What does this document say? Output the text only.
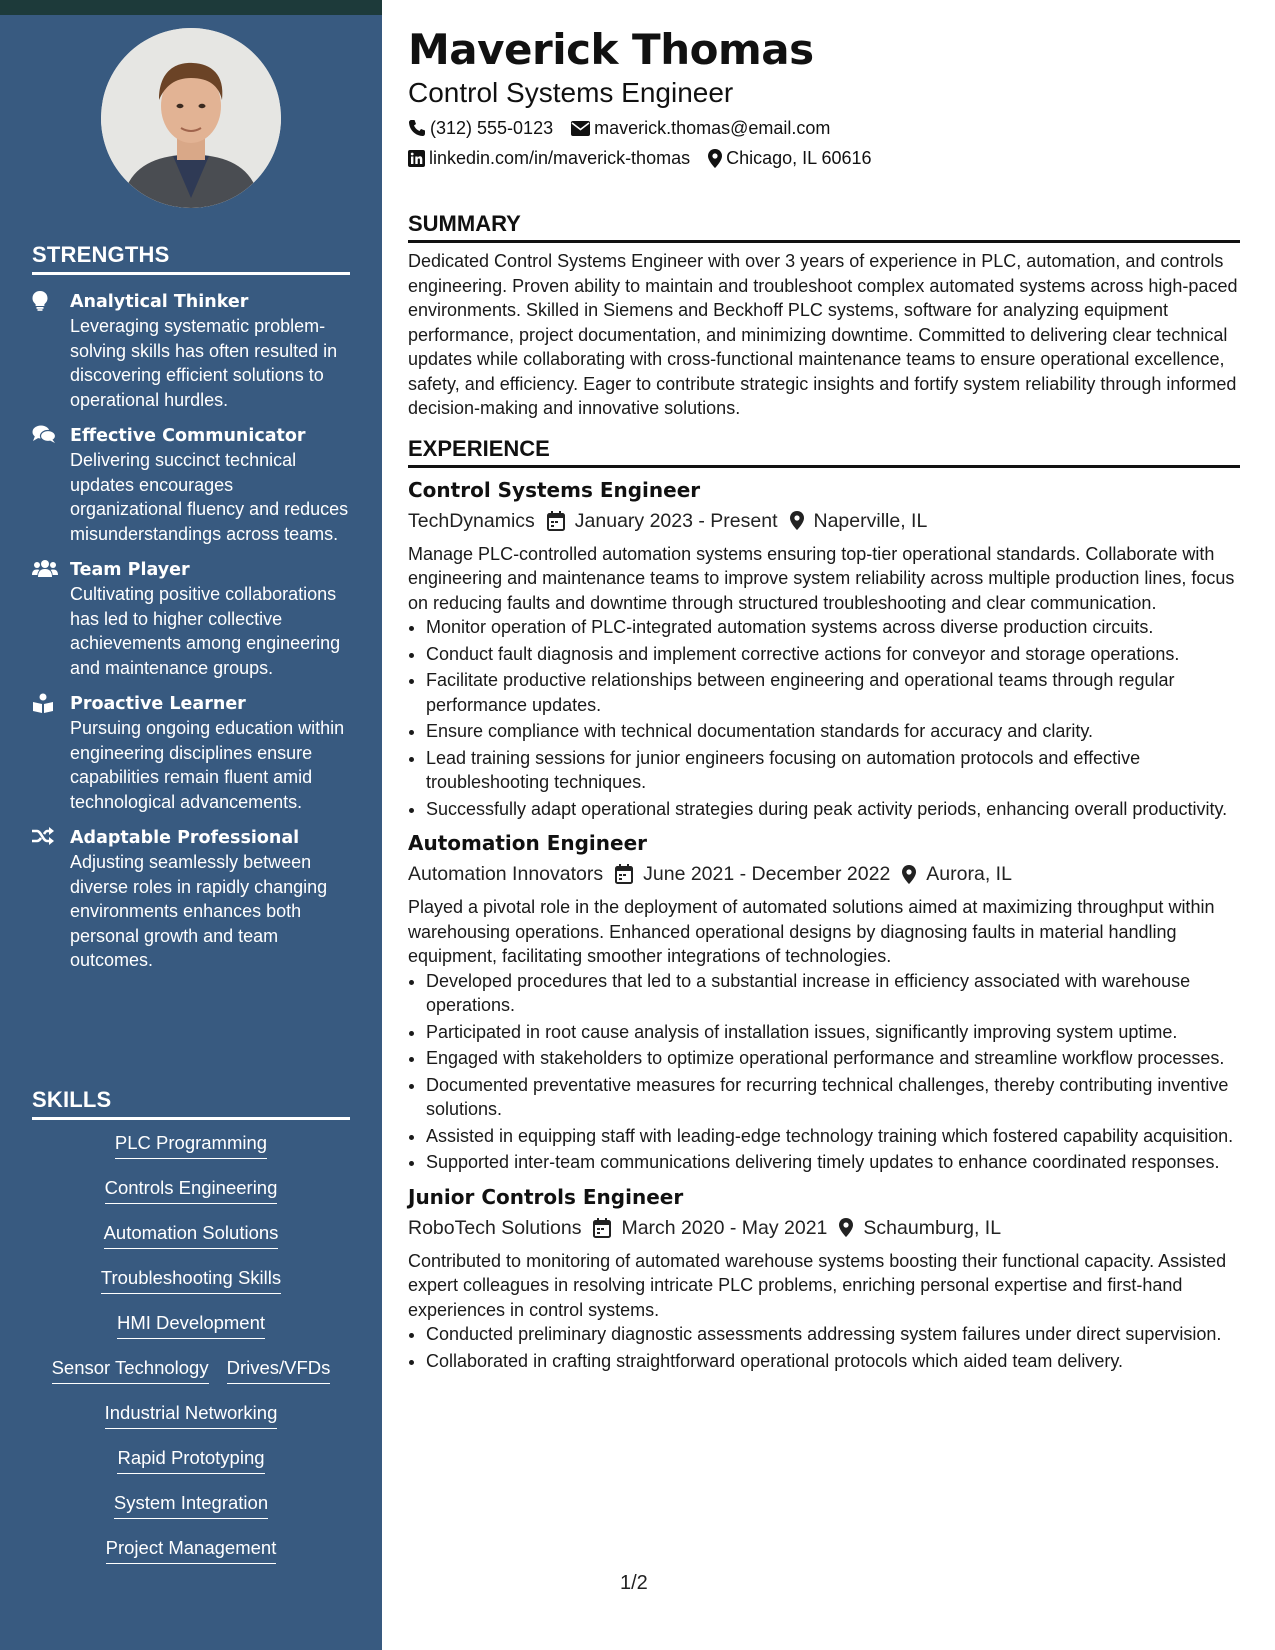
STRENGTHS
Analytical Thinker
Leveraging systematic problem-solving skills has often resulted in discovering efficient solutions to operational hurdles.
Effective Communicator
Delivering succinct technical updates encourages organizational fluency and reduces misunderstandings across teams.
Team Player
Cultivating positive collaborations has led to higher collective achievements among engineering and maintenance groups.
Proactive Learner
Pursuing ongoing education within engineering disciplines ensure capabilities remain fluent amid technological advancements.
Adaptable Professional
Adjusting seamlessly between diverse roles in rapidly changing environments enhances both personal growth and team outcomes.
SKILLS
PLC Programming
Controls Engineering
Automation Solutions
Troubleshooting Skills
HMI Development
Sensor Technology Drives/VFDs
Industrial Networking
Rapid Prototyping
System Integration
Project Management
Maverick Thomas
Control Systems Engineer
(312) 555-0123 maverick.thomas@email.com
linkedin.com/in/maverick-thomas Chicago, IL 60616
SUMMARY

Dedicated Control Systems Engineer with over 3 years of experience in PLC, automation, and controls engineering. Proven ability to maintain and troubleshoot complex automated systems across high-paced environments. Skilled in Siemens and Beckhoff PLC systems, software for analyzing equipment performance, project documentation, and minimizing downtime. Committed to delivering clear technical updates while collaborating with cross-functional maintenance teams to ensure operational excellence, safety, and efficiency. Eager to contribute strategic insights and fortify system reliability through informed decision-making and innovative solutions.

EXPERIENCE
Control Systems Engineer
TechDynamics January 2023 - Present Naperville, IL

Manage PLC-controlled automation systems ensuring top-tier operational standards. Collaborate with engineering and maintenance teams to improve system reliability across multiple production lines, focus on reducing faults and downtime through structured troubleshooting and clear communication.

• Monitor operation of PLC-integrated automation systems across diverse production circuits.
• Conduct fault diagnosis and implement corrective actions for conveyor and storage operations.
• Facilitate productive relationships between engineering and operational teams through regular performance updates.
• Ensure compliance with technical documentation standards for accuracy and clarity.
• Lead training sessions for junior engineers focusing on automation protocols and effective troubleshooting techniques.
• Successfully adapt operational strategies during peak activity periods, enhancing overall productivity.
Automation Engineer
Automation Innovators June 2021 - December 2022 Aurora, IL

Played a pivotal role in the deployment of automated solutions aimed at maximizing throughput within warehousing operations. Enhanced operational designs by diagnosing faults in material handling equipment, facilitating smoother integrations of technologies.

• Developed procedures that led to a substantial increase in efficiency associated with warehouse operations.
• Participated in root cause analysis of installation issues, significantly improving system uptime.
• Engaged with stakeholders to optimize operational performance and streamline workflow processes.
• Documented preventative measures for recurring technical challenges, thereby contributing inventive solutions.
• Assisted in equipping staff with leading-edge technology training which fostered capability acquisition.
• Supported inter-team communications delivering timely updates to enhance coordinated responses.
Junior Controls Engineer
RoboTech Solutions March 2020 - May 2021 Schaumburg, IL

Contributed to monitoring of automated warehouse systems boosting their functional capacity. Assisted expert colleagues in resolving intricate PLC problems, enriching personal expertise and first-hand experiences in control systems.

• Conducted preliminary diagnostic assessments addressing system failures under direct supervision.
• Collaborated in crafting straightforward operational protocols which aided team delivery.
1/2
